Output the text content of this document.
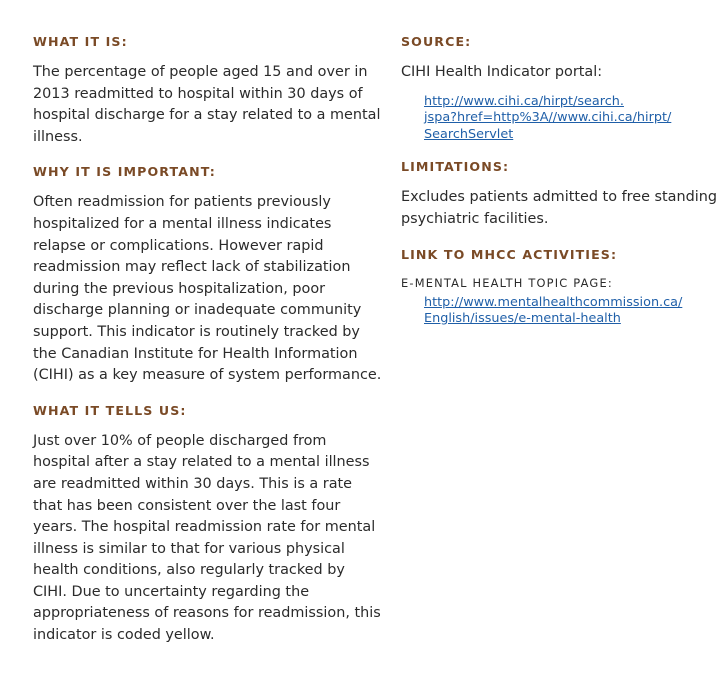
WHAT IT IS:

The percentage of people aged 15 and over in 2013 readmitted to hospital within 30 days of hospital discharge for a stay related to a mental illness.

WHY IT IS IMPORTANT:

Often readmission for patients previously hospitalized for a mental illness indicates relapse or complications. However rapid readmission may reflect lack of stabilization during the previous hospitalization, poor discharge planning or inadequate community support. This indicator is routinely tracked by the Canadian Institute for Health Information (CIHI) as a key measure of system performance.

WHAT IT TELLS US:

Just over 10% of people discharged from hospital after a stay related to a mental illness are readmitted within 30 days. This is a rate that has been consistent over the last four years. The hospital readmission rate for mental illness is similar to that for various physical health conditions, also regularly tracked by CIHI. Due to uncertainty regarding the appropriateness of reasons for readmission, this indicator is coded yellow.

SOURCE:

CIHI Health Indicator portal:

http://www.cihi.ca/hirpt/search.
jspa?href=http%3A//www.cihi.ca/hirpt/
SearchServlet
LIMITATIONS:

Excludes patients admitted to free standing psychiatric facilities.

LINK TO MHCC ACTIVITIES:

E-MENTAL HEALTH TOPIC PAGE:

http://www.mentalhealthcommission.ca/
English/issues/e-mental-health
